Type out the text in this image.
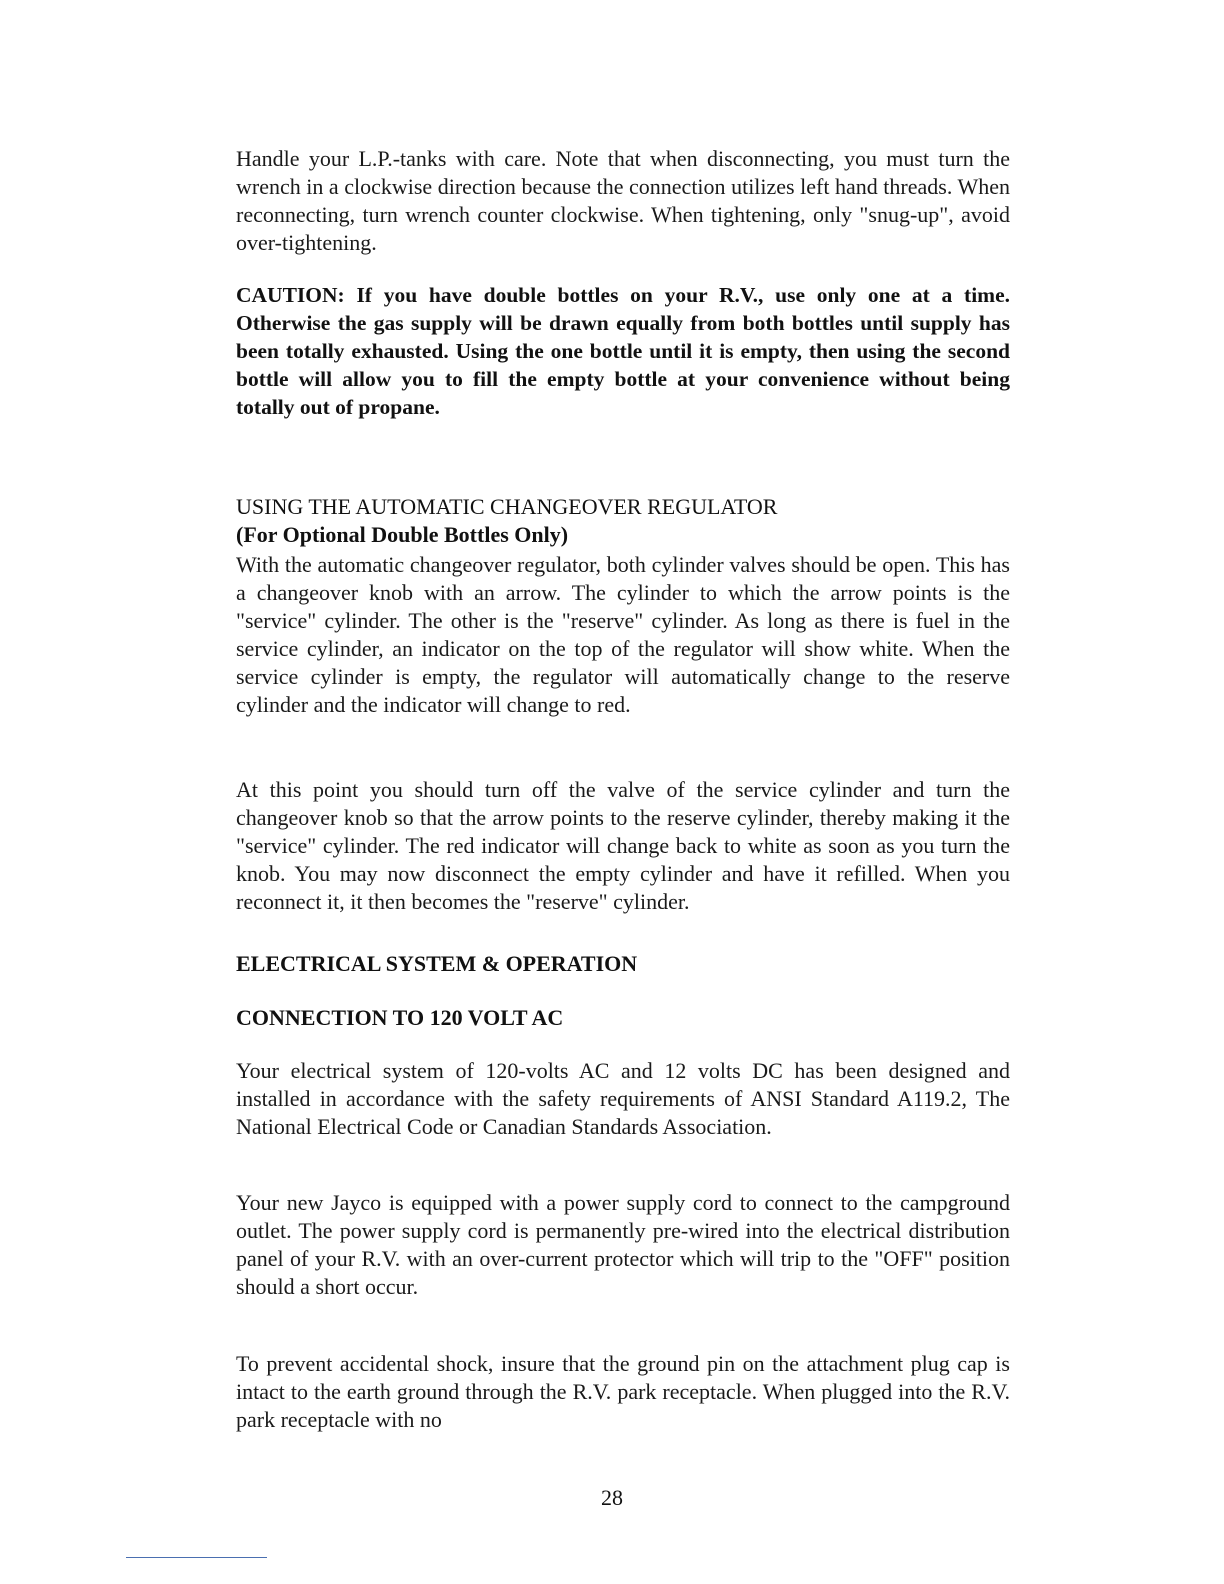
Handle your L.P.-tanks with care. Note that when disconnecting, you must turn the wrench in a clockwise direction because the connection utilizes left hand threads. When reconnecting, turn wrench counter clockwise. When tightening, only "snug-up", avoid over-tightening.

CAUTION: If you have double bottles on your R.V., use only one at a time. Otherwise the gas supply will be drawn equally from both bottles until supply has been totally exhausted. Using the one bottle until it is empty, then using the second bottle will allow you to fill the empty bottle at your convenience without being totally out of propane.

USING THE AUTOMATIC CHANGEOVER REGULATOR
(For Optional Double Bottles Only)

With the automatic changeover regulator, both cylinder valves should be open. This has a changeover knob with an arrow. The cylinder to which the arrow points is the "service" cylinder. The other is the "reserve" cylinder. As long as there is fuel in the service cylinder, an indicator on the top of the regulator will show white. When the service cylinder is empty, the regulator will automatically change to the reserve cylinder and the indicator will change to red.

At this point you should turn off the valve of the service cylinder and turn the changeover knob so that the arrow points to the reserve cylinder, thereby making it the "service" cylinder. The red indicator will change back to white as soon as you turn the knob. You may now disconnect the empty cylinder and have it refilled. When you reconnect it, it then becomes the "reserve" cylinder.

ELECTRICAL SYSTEM & OPERATION
CONNECTION TO 120 VOLT AC

Your electrical system of 120-volts AC and 12 volts DC has been designed and installed in accordance with the safety requirements of ANSI Standard A119.2, The National Electrical Code or Canadian Standards Association.

Your new Jayco is equipped with a power supply cord to connect to the campground outlet. The power supply cord is permanently pre-wired into the electrical distribution panel of your R.V. with an over-current protector which will trip to the "OFF" position should a short occur.

To prevent accidental shock, insure that the ground pin on the attachment plug cap is intact to the earth ground through the R.V. park receptacle. When plugged into the R.V. park receptacle with no

28
